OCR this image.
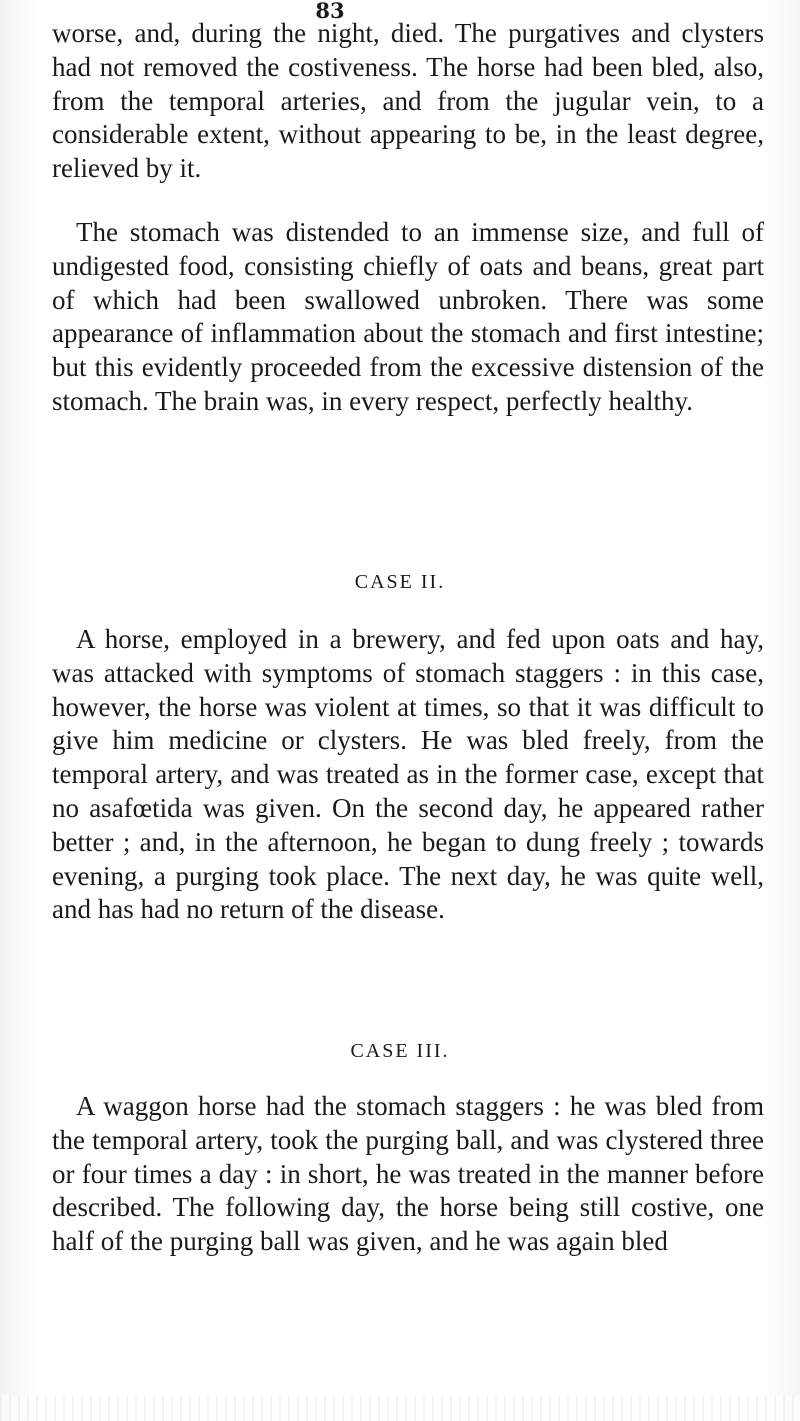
83

worse, and, during the night, died. The purgatives and clysters had not removed the costiveness. The horse had been bled, also, from the temporal arteries, and from the jugular vein, to a considerable extent, without appearing to be, in the least degree, relieved by it.

The stomach was distended to an immense size, and full of undigested food, consisting chiefly of oats and beans, great part of which had been swallowed unbroken. There was some appearance of inflammation about the stomach and first intestine; but this evidently proceeded from the excessive distension of the stomach. The brain was, in every respect, perfectly healthy.

CASE II.

A horse, employed in a brewery, and fed upon oats and hay, was attacked with symptoms of stomach staggers : in this case, however, the horse was violent at times, so that it was difficult to give him medicine or clysters. He was bled freely, from the temporal artery, and was treated as in the former case, except that no asafœtida was given. On the second day, he appeared rather better ; and, in the afternoon, he began to dung freely ; towards evening, a purging took place. The next day, he was quite well, and has had no return of the disease.

CASE III.

A waggon horse had the stomach staggers : he was bled from the temporal artery, took the purging ball, and was clystered three or four times a day : in short, he was treated in the manner before described. The following day, the horse being still costive, one half of the purging ball was given, and he was again bled
